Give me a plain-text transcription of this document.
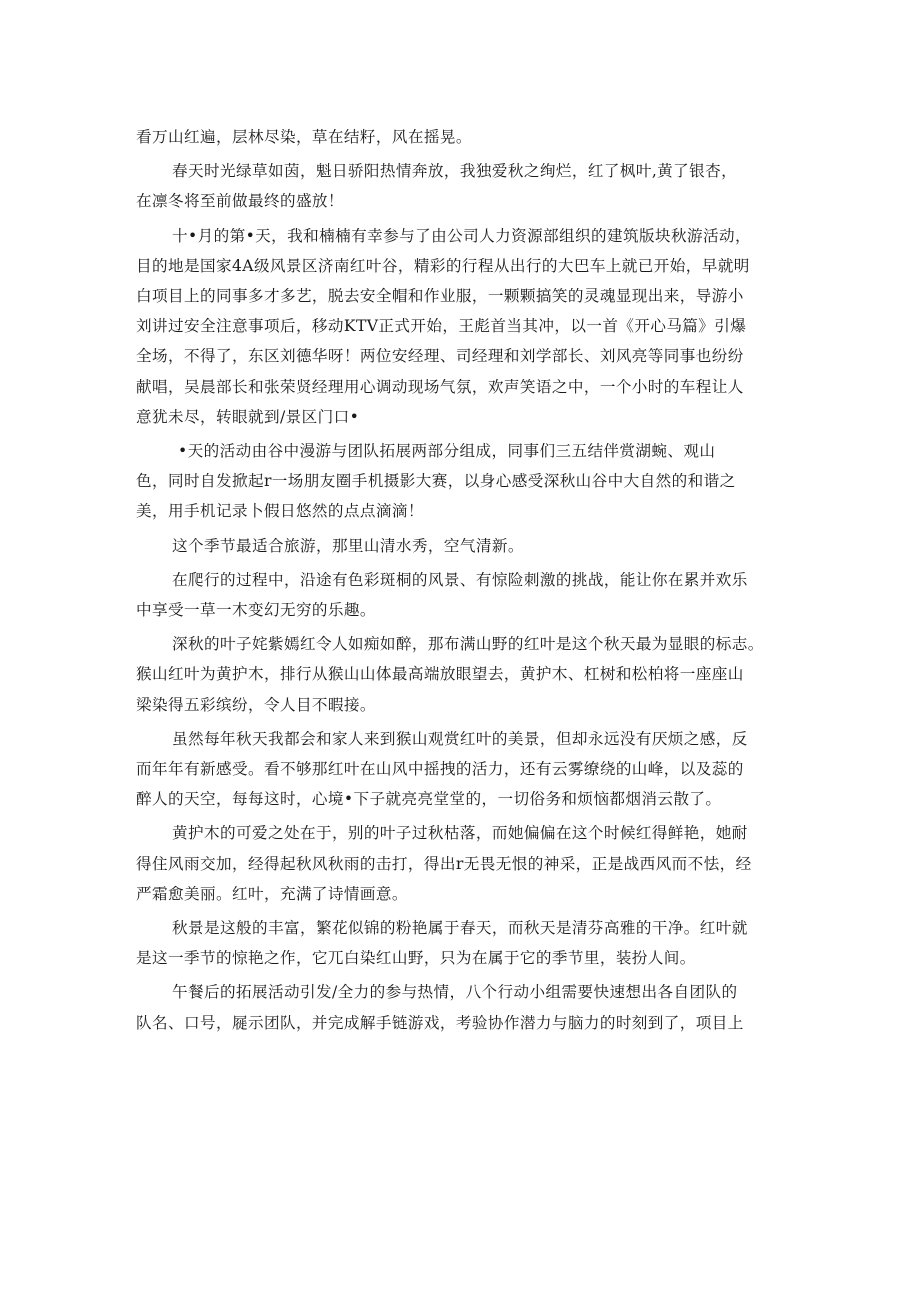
看万山红遍，层林尽染，草在结籽，风在摇晃。

春天时光绿草如茵，魁日骄阳热情奔放，我独爱秋之绚烂，红了枫叶,黄了银杏，
在凛冬将至前做最终的盛放！

十•月的第•天，我和楠楠有幸参与了由公司人力资源部组织的建筑版块秋游活动，
目的地是国家4A级风景区济南红叶谷，精彩的行程从出行的大巴车上就已开始，早就明
白项目上的同事多才多艺，脱去安全帽和作业服，一颗颗搞笑的灵魂显现出来，导游小
刘讲过安全注意事项后，移动KTV正式开始，王彪首当其冲，以一首《开心马篇》引爆
全场，不得了，东区刘德华呀！两位安经理、司经理和刘学部长、刘风亮等同事也纷纷
献唱，吴晨部长和张荣贤经理用心调动现场气氛，欢声笑语之中，一个小时的车程让人
意犹未尽，转眼就到/景区门口•

•天的活动由谷中漫游与团队拓展两部分组成，同事们三五结伴赏湖蜿、观山
色，同时自发掀起r一场朋友圈手机摄影大赛，以身心感受深秋山谷中大自然的和谐之
美，用手机记录卜假日悠然的点点滴滴！

这个季节最适合旅游，那里山清水秀，空气清新。

在爬行的过程中，沿途有色彩斑桐的风景、有惊险刺激的挑战，能让你在累并欢乐
中享受一草一木变幻无穷的乐趣。

深秋的叶子姹紫嫣红令人如痴如醉，那布满山野的红叶是这个秋天最为显眼的标志。
猴山红叶为黄护木，排行从猴山山体最高端放眼望去，黄护木、杠树和松柏将一座座山
梁染得五彩缤纷，令人目不暇接。

虽然每年秋天我都会和家人来到猴山观赏红叶的美景，但却永远没有厌烦之感，反
而年年有新感受。看不够那红叶在山风中摇拽的活力，还有云雾缭绕的山峰，以及蕊的
醉人的天空，每每这时，心境•下子就亮亮堂堂的，一切俗务和烦恼都烟消云散了。

黄护木的可爱之处在于，别的叶子过秋枯落，而她偏偏在这个时候红得鲜艳，她耐
得住风雨交加，经得起秋风秋雨的击打，得出r无畏无恨的神采，正是战西风而不怯，经
严霜愈美丽。红叶，充满了诗情画意。

秋景是这般的丰富，繁花似锦的粉艳属于春天，而秋天是清芬高雅的干净。红叶就
是这一季节的惊艳之作，它兀白染红山野，只为在属于它的季节里，装扮人间。

午餐后的拓展活动引发/全力的参与热情，八个行动小组需要快速想出各自团队的
队名、口号，屣示团队，并完成解手链游戏，考验协作潜力与脑力的时刻到了，项目上
